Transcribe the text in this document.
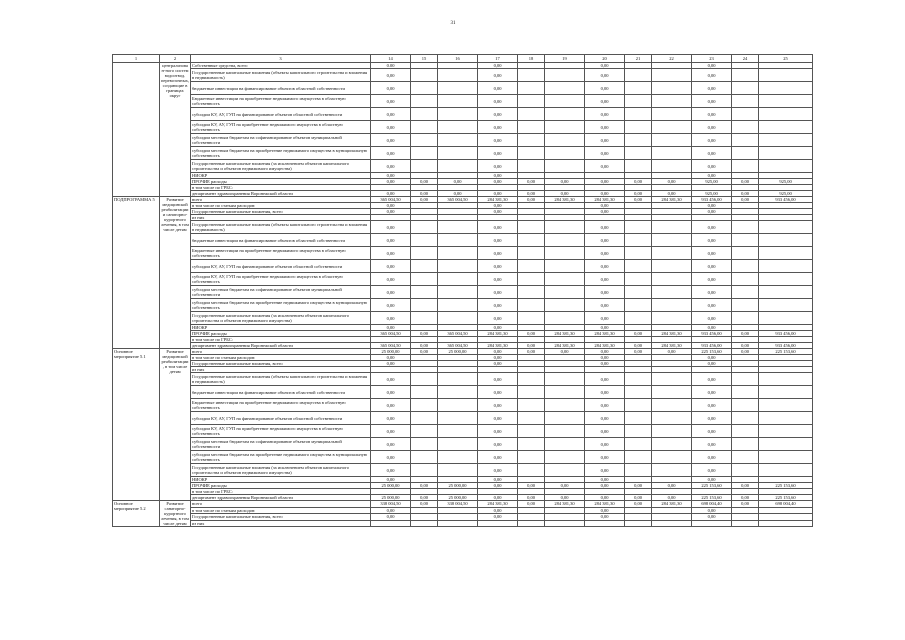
31
1	2	3	14	15	16	17	18	19	20	21	22	23	24	25
	централизован-ного систем водоотвод. перевозочных, создающие в границах округ	Собственные средства, всего	0.00			0,00			0,00			0,00		
		Государственные капитальные вложения (объекты капитального строительства и вложения в недвижимость)	0,00			0,00			0,00			0,00		
		бюджетные инвестиции на финансирование объектов областной собственности	0,00			0,00			0,00			0,00		
		Бюджетные инвестиции на приобретение недвижимого имущества в областную собственность	0,00			0,00			0,00			0,00		
		субсидии КУ, АУ, ГУП на финансирование объектов областной собственности	0,00			0,00			0,00			0,00		
		субсидии КУ, АУ, ГУП на приобретение недвижимого имущества в областную собственность	0,00			0,00			0,00			0,00		
		субсидии местным бюджетам на софинансирование объектов муниципальной собственности	0,00			0,00			0,00			0,00		
		субсидии местным бюджетам на приобретение недвижимого имущества в муниципальную собственность	0,00			0,00			0,00			0,00		
		Государственные капитальные вложения (за исключением объектов капитального строительства и объектов недвижимого имущества)	0,00			0,00			0,00			0,00		
		НИОКР	0,00			0,00						0,00		
		ПРОЧИЕ расходы	0,00	0,00	0,00	0,00	0,00	0,00	0,00	0,00	0,00	925,00	0,00	925,00
		в том числе по ГРБС:												
		департамент здравоохранения Воронежской области	0,00	0,00	0,00	0,00	0,00	0,00	0,00	0,00	0,00	925,00	0,00	925,00
ПОДПРОГРАММА 5	Развитие медицинской реабилитации и санаторно-курортного лечения, в том числе детям	всего	365 004,50	0,00	365 004,50	284 381,30	0,00	284 381,30	284 381,30	0,00	284 381,30	933 456,00	0,00	933 456,00
		в том числе по статьям расходов:	0,00			0,00			0,00			0,00		
		Государственные капитальные вложения, всего	0,00			0,00			0,00			0,00		
		из них												
		Государственные капитальные вложения (объекты капитального строительства и вложения в недвижимость)	0,00			0,00			0,00			0,00		
		бюджетные инвестиции на финансирование объектов областной собственности	0,00			0,00			0,00			0,00		
		Бюджетные инвестиции на приобретение недвижимого имущества в областную собственность	0,00			0,00			0,00			0,00		
		субсидии КУ, АУ, ГУП на финансирование объектов областной собственности	0,00			0,00			0,00			0,00		
		субсидии КУ, АУ, ГУП на приобретение недвижимого имущества в областную собственность	0,00			0,00			0,00			0,00		
		субсидии местным бюджетам на софинансирование объектов муниципальной собственности	0,00			0,00			0,00			0,00		
		субсидии местным бюджетам на приобретение недвижимого имущества в муниципальную собственность	0,00			0,00			0,00			0,00		
		Государственные капитальные вложения (за исключением объектов капитального строительства и объектов недвижимого имущества)	0,00			0,00			0,00			0,00		
		НИОКР	0,00			0,00			0,00			0,00		
		ПРОЧИЕ расходы	365 004,50	0,00	365 004,50	284 381,30	0,00	284 381,30	284 381,30	0,00	284 381,30	933 456,00	0,00	933 456,00
		в том числе по ГРБС:												
		департамент здравоохранения Воронежской области	365 004,50	0,00	365 004,50	284 381,30	0,00	284 381,30	284 381,30	0,00	284 381,30	933 456,00	0,00	933 456,00
Основное мероприятие 5.1	Развитие медицинской реабилитации, в том числе детям	всего	25 000,00	0,00	25 000,00	0,00	0,00	0,00	0,00	0,00	0,00	225 153,60	0,00	225 153,60
		в том числе по статьям расходов:	0,00			0,00			0,00			0,00		
		Государственные капитальные вложения, всего	0,00			0,00			0,00			0,00		
		из них												
		Государственные капитальные вложения (объекты капитального строительства и вложения в недвижимость)	0,00			0,00			0,00			0,00		
		бюджетные инвестиции на финансирование объектов областной собственности	0,00			0,00			0,00			0,00		
		Бюджетные инвестиции на приобретение недвижимого имущества в областную собственность	0,00			0,00			0,00			0,00		
		субсидии КУ, АУ, ГУП на финансирование объектов областной собственности	0,00			0,00			0,00			0,00		
		субсидии КУ, АУ, ГУП на приобретение недвижимого имущества в областную собственность	0,00			0,00			0,00			0,00		
		субсидии местным бюджетам на софинансирование объектов муниципальной собственности	0,00			0,00			0,00			0,00		
		субсидии местным бюджетам на приобретение недвижимого имущества в муниципальную собственность	0,00			0,00			0,00			0,00		
		Государственные капитальные вложения (за исключением объектов капитального строительства и объектов недвижимого имущества)	0,00			0,00			0,00			0,00		
		НИОКР	0,00			0,00			0,00			0,00		
		ПРОЧИЕ расходы	25 000,00	0,00	25 000,00	0,00	0,00	0,00	0,00	0,00	0,00	225 153,60	0,00	225 153,60
		в том числе по ГРБС:												
		департамент здравоохранения Воронежской области	25 000,00	0,00	25 000,00	0,00	0,00	0,00	0,00	0,00	0,00	225 153,60	0,00	225 153,60
Основное мероприятие 5.2	Развитие санаторно-курортного лечения, в том числе детям	всего	338 004,50	0,00	338 004,50	284 381,30	0,00	284 381,30	284 381,30	0,00	284 381,30	698 004,40	0,00	698 004,40
		в том числе по статьям расходов:	0,00			0,00			0,00			0,00		
		Государственные капитальные вложения, всего	0,00			0,00			0,00			0,00		
		из них												
